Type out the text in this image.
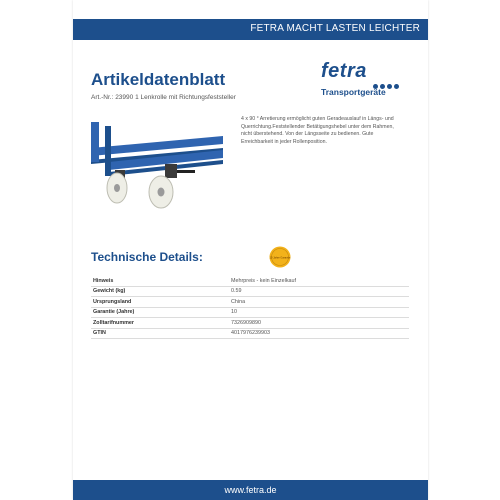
FETRA MACHT LASTEN LEICHTER
Artikeldatenblatt
Art.-Nr.: 23990 1 Lenkrolle mit Richtungsfeststeller
fetra
Transportgeräte
4 x 90 ° Arretierung ermöglicht guten Geradeauslauf in Längs- und Querrichtung.Feststellender Betätigungshebel unter dem Rahmen, nicht überstehend. Von der Längsseite zu bedienen. Gute Erreichbarkeit in jeder Rollenposition.
Technische Details:	10 Jahre Garantie
Hinweis	Mehrpreis - kein Einzelkauf
Gewicht (kg)	0.59
Ursprungsland	China
Garantie (Jahre)	10
Zolltarifnummer	7326909890
GTIN	4017976239903
www.fetra.de
